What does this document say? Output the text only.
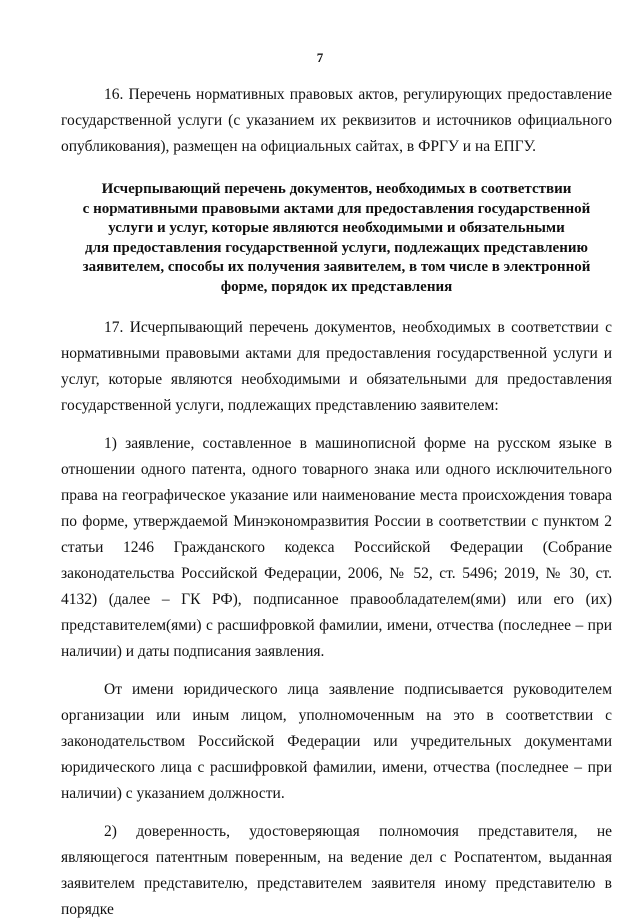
7

16. Перечень нормативных правовых актов, регулирующих предоставление государственной услуги (с указанием их реквизитов и источников официального опубликования), размещен на официальных сайтах, в ФРГУ и на ЕПГУ.

Исчерпывающий перечень документов, необходимых в соответствии
с нормативными правовыми актами для предоставления государственной
услуги и услуг, которые являются необходимыми и обязательными
для предоставления государственной услуги, подлежащих представлению
заявителем, способы их получения заявителем, в том числе в электронной
форме, порядок их представления

17. Исчерпывающий перечень документов, необходимых в соответствии с нормативными правовыми актами для предоставления государственной услуги и услуг, которые являются необходимыми и обязательными для предоставления государственной услуги, подлежащих представлению заявителем:

1) заявление, составленное в машинописной форме на русском языке в отношении одного патента, одного товарного знака или одного исключительного права на географическое указание или наименование места происхождения товара по форме, утверждаемой Минэкономразвития России в соответствии с пунктом 2 статьи 1246 Гражданского кодекса Российской Федерации (Собрание законодательства Российской Федерации, 2006, № 52, ст. 5496; 2019, № 30, ст. 4132) (далее – ГК РФ), подписанное правообладателем(ями) или его (их) представителем(ями) с расшифровкой фамилии, имени, отчества (последнее – при наличии) и даты подписания заявления.

От имени юридического лица заявление подписывается руководителем организации или иным лицом, уполномоченным на это в соответствии с законодательством Российской Федерации или учредительных документами юридического лица с расшифровкой фамилии, имени, отчества (последнее – при наличии) с указанием должности.

2) доверенность, удостоверяющая полномочия представителя, не являющегося патентным поверенным, на ведение дел с Роспатентом, выданная заявителем представителю, представителем заявителя иному представителю в порядке
